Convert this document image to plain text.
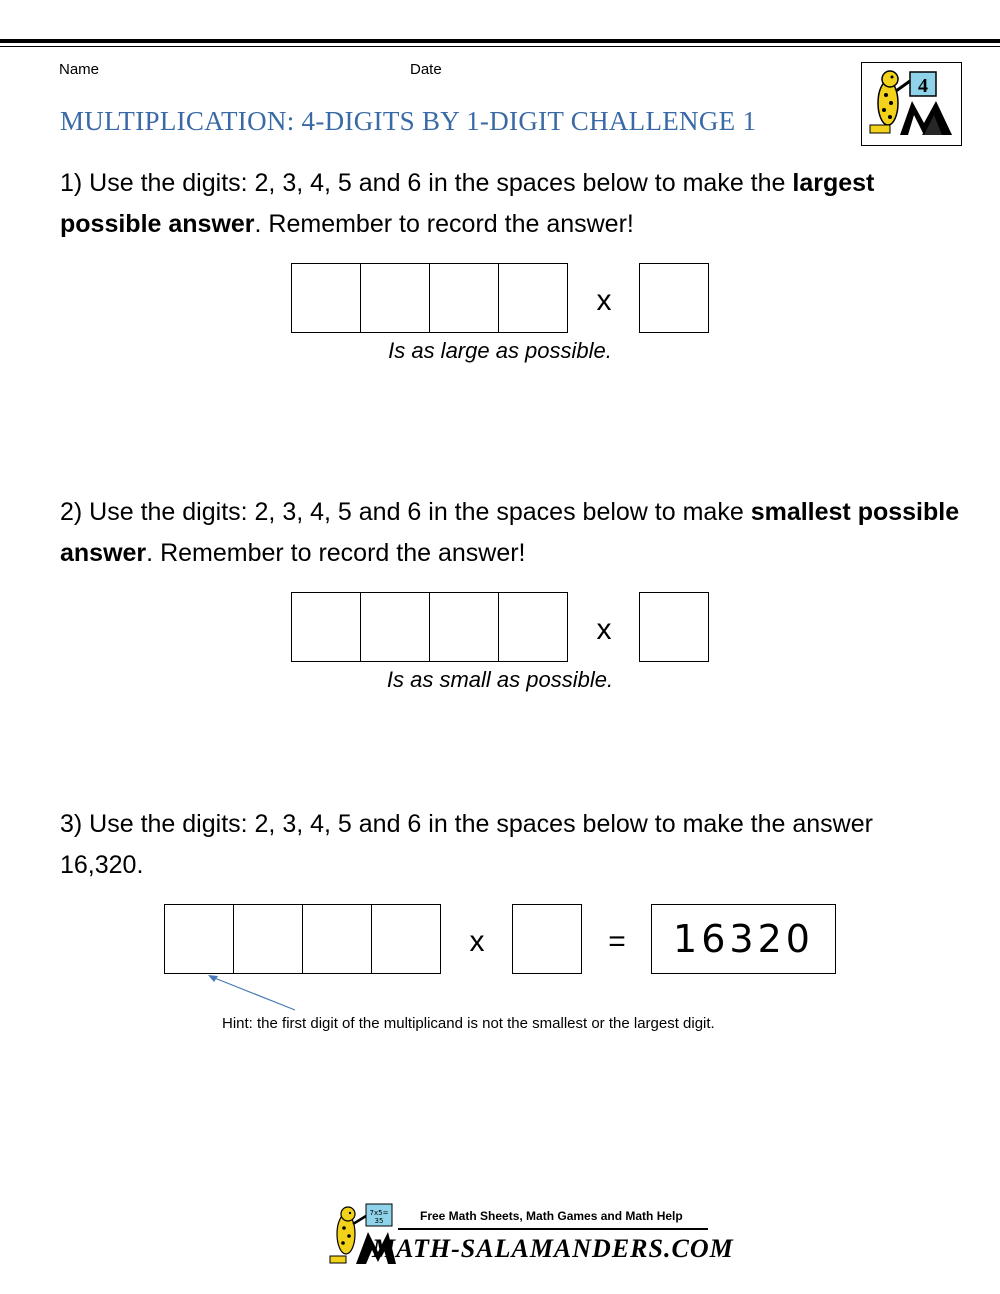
Name	Date
MULTIPLICATION: 4-DIGITS BY 1-DIGIT CHALLENGE 1
4
1) Use the digits: 2, 3, 4, 5 and 6 in the spaces below to make the largest possible answer. Remember to record the answer!
x
Is as large as possible.
2) Use the digits: 2, 3, 4, 5 and 6 in the spaces below to make smallest possible answer. Remember to record the answer!
x
Is as small as possible.
3) Use the digits: 2, 3, 4, 5 and 6 in the spaces below to make the answer 16,320.
x	=	16320
Hint: the first digit of the multiplicand is not the smallest or the largest digit.
7x5=
35	Free Math Sheets, Math Games and Math Help
MATH-SALAMANDERS.COM
